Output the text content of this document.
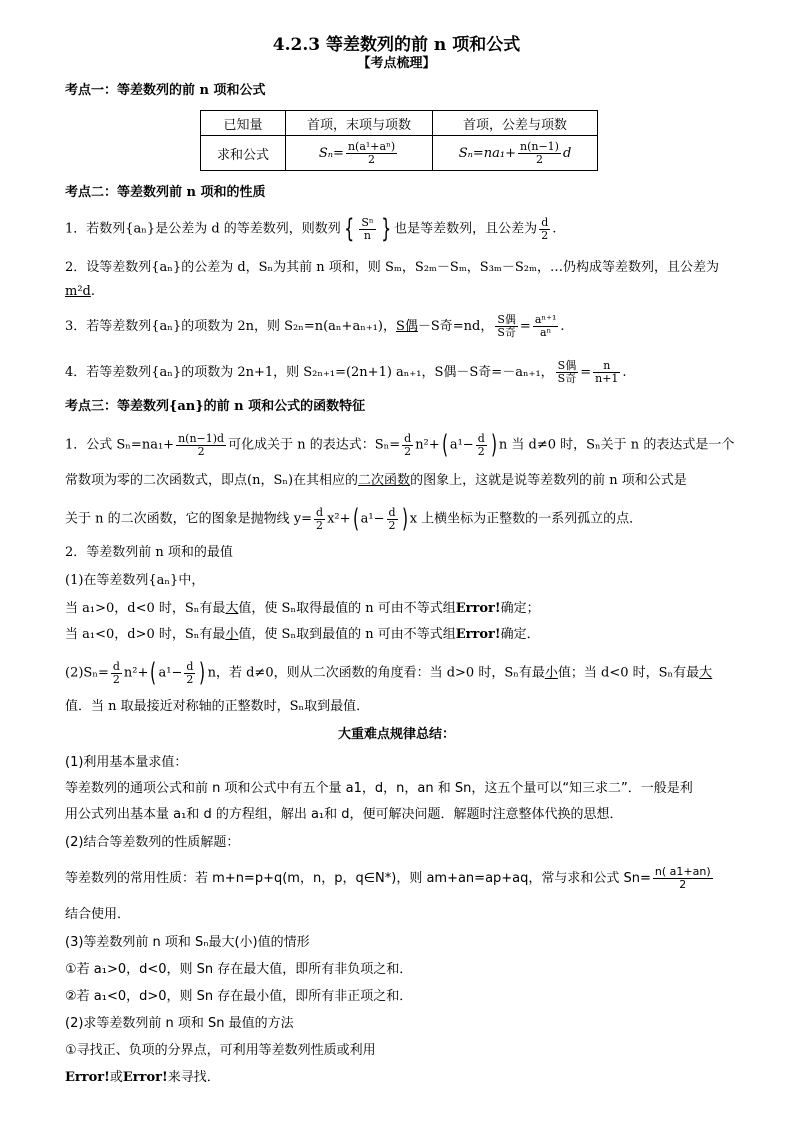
4.2.3 等差数列的前 n 项和公式
【考点梳理】
考点一：等差数列的前 n 项和公式
已知量	首项，末项与项数	首项，公差与项数
求和公式	$S_n= \frac{\text{n(a¹+aⁿ)}}{2}$	$S_n=na_1+ \frac{n(n-1)}{2}$ d
考点二：等差数列前 n 项和的性质
1．若数列{aₙ}是公差为 d 的等差数列，则数列 { $\frac{\text{Sⁿ}}{n}$ } 也是等差数列，且公差为 $\frac{d}{2}$ .
2．设等差数列{aₙ}的公差为 d，Sₙ为其前 n 项和，则 Sₘ，S₂ₘ－Sₘ，S₃ₘ－S₂ₘ，…仍构成等差数列，且公差为
m²d.
3．若等差数列{aₙ}的项数为 2n，则 S₂ₙ=n(aₙ+aₙ₊₁)，S偶－S奇=nd， $\frac{\text{S偶}}{\text{S奇}} = \frac{\text{aⁿ⁺¹}}{\text{aⁿ}}$ .
4．若等差数列{aₙ}的项数为 2n+1，则 S₂ₙ₊₁=(2n+1) aₙ₊₁，S偶－S奇=－aₙ₊₁， $\frac{\text{S偶}}{\text{S奇}} = \frac{n}{n+1}$ .
考点三：等差数列{an}的前 n 项和公式的函数特征
1．公式 $S_n=na_1+ \frac{n(n-1)d}{2}$ 可化成关于 n 的表达式：$S_n= \frac{d}{2} n^2+$( $a^1- \frac{d}{2}$ ) n 当 d≠0 时，Sₙ关于 n 的表达式是一个
常数项为零的二次函数式，即点(n，Sₙ)在其相应的二次函数的图象上，这就是说等差数列的前 n 项和公式是
关于 n 的二次函数，它的图象是抛物线 $y= \frac{d}{2} x^2+$( $a^1- \frac{d}{2}$ ) x 上横坐标为正整数的一系列孤立的点．
2．等差数列前 n 项和的最值
(1)在等差数列{aₙ}中，
当 a₁>0，d<0 时，Sₙ有最大值，使 Sₙ取得最值的 n 可由不等式组Error!确定；
当 a₁<0，d>0 时，Sₙ有最小值，使 Sₙ取到最值的 n 可由不等式组Error!确定．
$(2)S_n= \frac{d}{2} n^2+$( $a^1- \frac{d}{2}$ ) n，若 d≠0，则从二次函数的角度看：当 d>0 时，Sₙ有最小值；当 d<0 时，Sₙ有最大
值．当 n 取最接近对称轴的正整数时，Sₙ取到最值．
大重难点规律总结：
(1)利用基本量求值：
等差数列的通项公式和前 n 项和公式中有五个量 a1，d，n，an 和 Sn，这五个量可以“知三求二”．一般是利
用公式列出基本量 a₁和 d 的方程组，解出 a₁和 d，便可解决问题．解题时注意整体代换的思想．
(2)结合等差数列的性质解题：
等差数列的常用性质：若 m+n=p+q(m，n，p，q∈N*)，则 am+an=ap+aq，常与求和公式 $Sn= \frac{n( a1+an)}{2}$
结合使用．
(3)等差数列前 n 项和 Sₙ最大(小)值的情形
①若 a₁>0，d<0，则 Sn 存在最大值，即所有非负项之和．
②若 a₁<0，d>0，则 Sn 存在最小值，即所有非正项之和．
(2)求等差数列前 n 项和 Sn 最值的方法
①寻找正、负项的分界点，可利用等差数列性质或利用
Error!或Error!来寻找．
